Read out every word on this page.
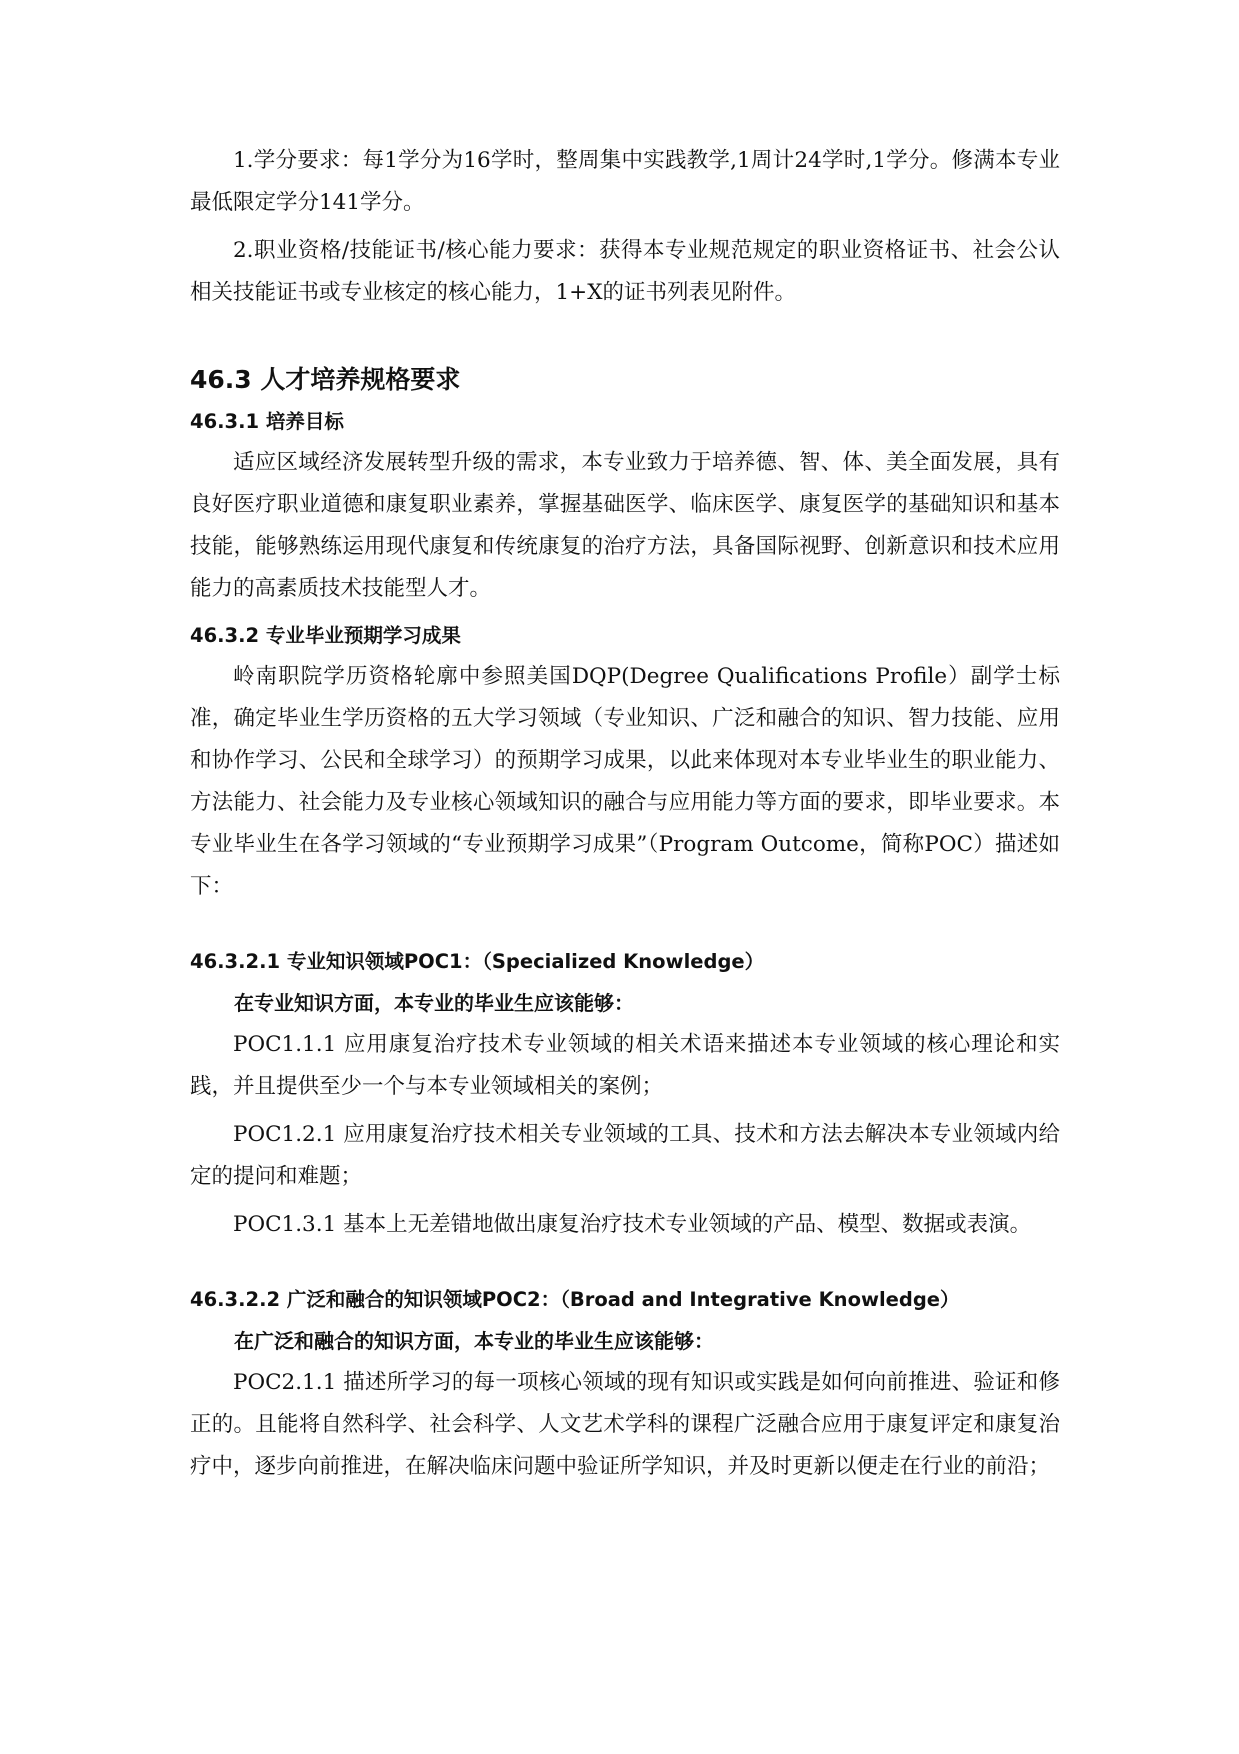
1.学分要求：每1学分为16学时，整周集中实践教学,1周计24学时,1学分。修满本专业最低限定学分141学分。

2.职业资格/技能证书/核心能力要求：获得本专业规范规定的职业资格证书、社会公认相关技能证书或专业核定的核心能力，1+X的证书列表见附件。

46.3 人才培养规格要求
46.3.1 培养目标

适应区域经济发展转型升级的需求，本专业致力于培养德、智、体、美全面发展，具有良好医疗职业道德和康复职业素养，掌握基础医学、临床医学、康复医学的基础知识和基本技能，能够熟练运用现代康复和传统康复的治疗方法，具备国际视野、创新意识和技术应用能力的高素质技术技能型人才。

46.3.2 专业毕业预期学习成果

岭南职院学历资格轮廓中参照美国DQP(Degree Qualifications Profile）副学士标准，确定毕业生学历资格的五大学习领域（专业知识、广泛和融合的知识、智力技能、应用和协作学习、公民和全球学习）的预期学习成果，以此来体现对本专业毕业生的职业能力、方法能力、社会能力及专业核心领域知识的融合与应用能力等方面的要求，即毕业要求。本专业毕业生在各学习领域的“专业预期学习成果”（Program Outcome，简称POC）描述如下：

46.3.2.1 专业知识领域POC1：（Specialized Knowledge）

在专业知识方面，本专业的毕业生应该能够：

POC1.1.1 应用康复治疗技术专业领域的相关术语来描述本专业领域的核心理论和实践，并且提供至少一个与本专业领域相关的案例；

POC1.2.1 应用康复治疗技术相关专业领域的工具、技术和方法去解决本专业领域内给定的提问和难题；

POC1.3.1 基本上无差错地做出康复治疗技术专业领域的产品、模型、数据或表演。

46.3.2.2 广泛和融合的知识领域POC2：（Broad and Integrative Knowledge）

在广泛和融合的知识方面，本专业的毕业生应该能够：

POC2.1.1 描述所学习的每一项核心领域的现有知识或实践是如何向前推进、验证和修正的。且能将自然科学、社会科学、人文艺术学科的课程广泛融合应用于康复评定和康复治疗中，逐步向前推进，在解决临床问题中验证所学知识，并及时更新以便走在行业的前沿；
